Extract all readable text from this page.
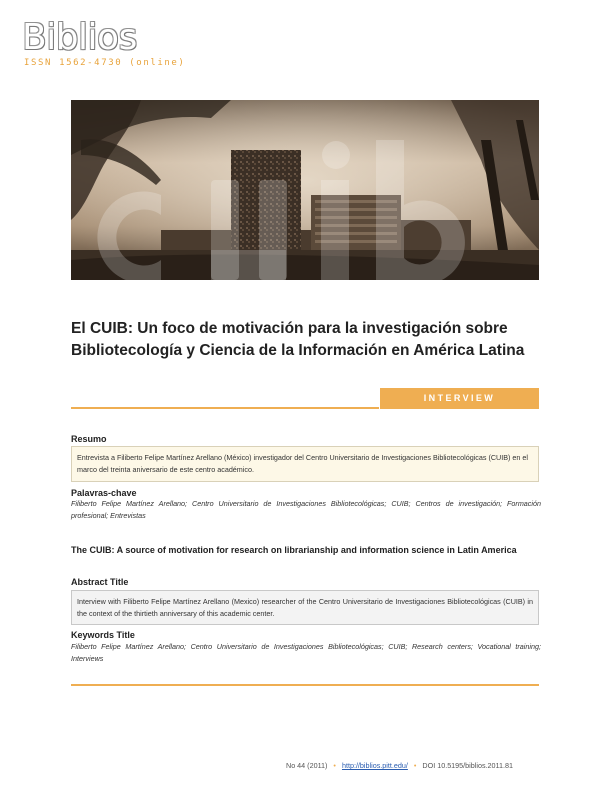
Biblios
ISSN 1562-4730 (online)
El CUIB: Un foco de motivación para la investigación sobre Bibliotecología y Ciencia de la Información en América Latina
INTERVIEW
Resumo
Entrevista a Filiberto Felipe Martínez Arellano (México) investigador del Centro Universitario de Investigaciones Bibliotecológicas (CUIB) en el marco del treinta aniversario de este centro académico.
Palavras-chave
Filiberto Felipe Martínez Arellano; Centro Universitario de Investigaciones Bibliotecológicas; CUIB; Centros de investigación; Formación profesional; Entrevistas
The CUIB: A source of motivation for research on librarianship and information science in Latin America
Abstract Title
Interview with Filiberto Felipe Martínez Arellano (Mexico) researcher of the Centro Universitario de Investigaciones Bibliotecológicas (CUIB) in the context of the thirtieth anniversary of this academic center.
Keywords Title
Filiberto Felipe Martínez Arellano; Centro Universitario de Investigaciones Bibliotecológicas; CUIB; Research centers; Vocational training; Interviews
No 44 (2011) • http://biblios.pitt.edu/ • DOI 10.5195/biblios.2011.81
